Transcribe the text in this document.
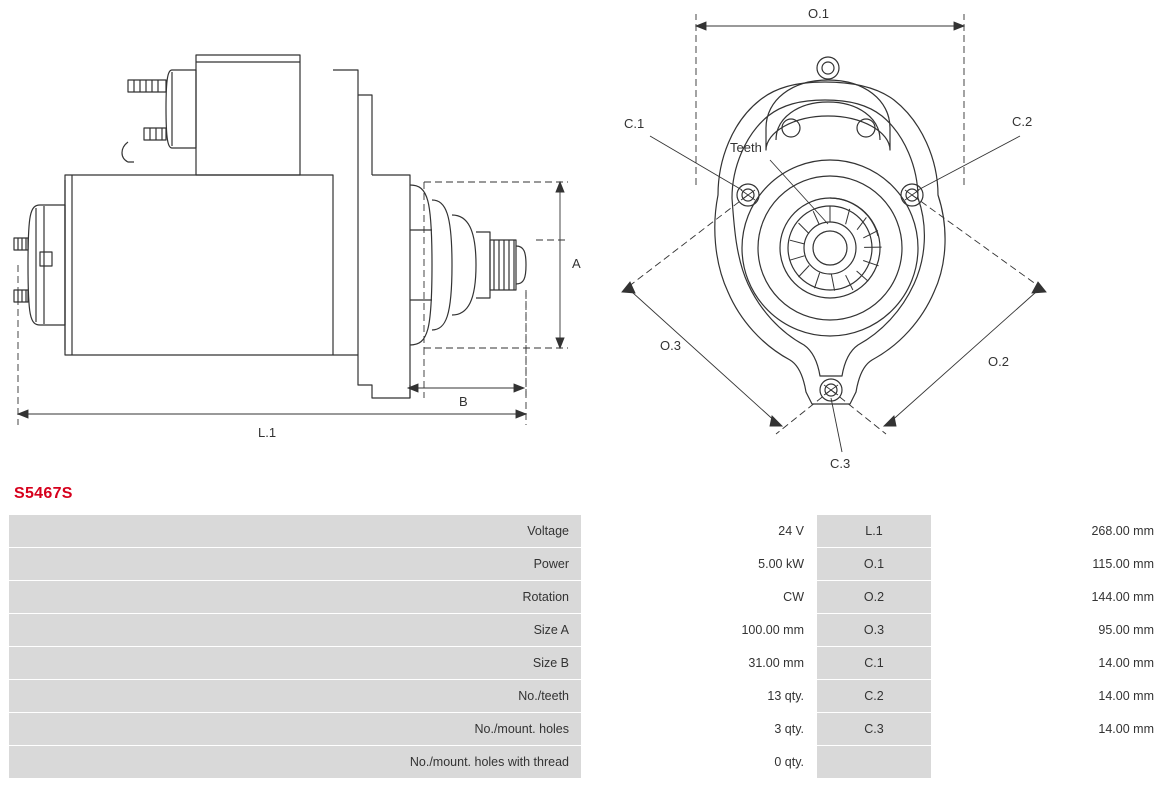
A
B
L.1
O.1
O.3
O.2
C.1	C.2
C.3
Teeth
S5467S
Voltage	24 V	L.1	268.00 mm
Power	5.00 kW	O.1	115.00 mm
Rotation	CW	O.2	144.00 mm
Size A	100.00 mm	O.3	95.00 mm
Size B	31.00 mm	C.1	14.00 mm
No./teeth	13 qty.	C.2	14.00 mm
No./mount. holes	3 qty.	C.3	14.00 mm
No./mount. holes with thread	0 qty.		
